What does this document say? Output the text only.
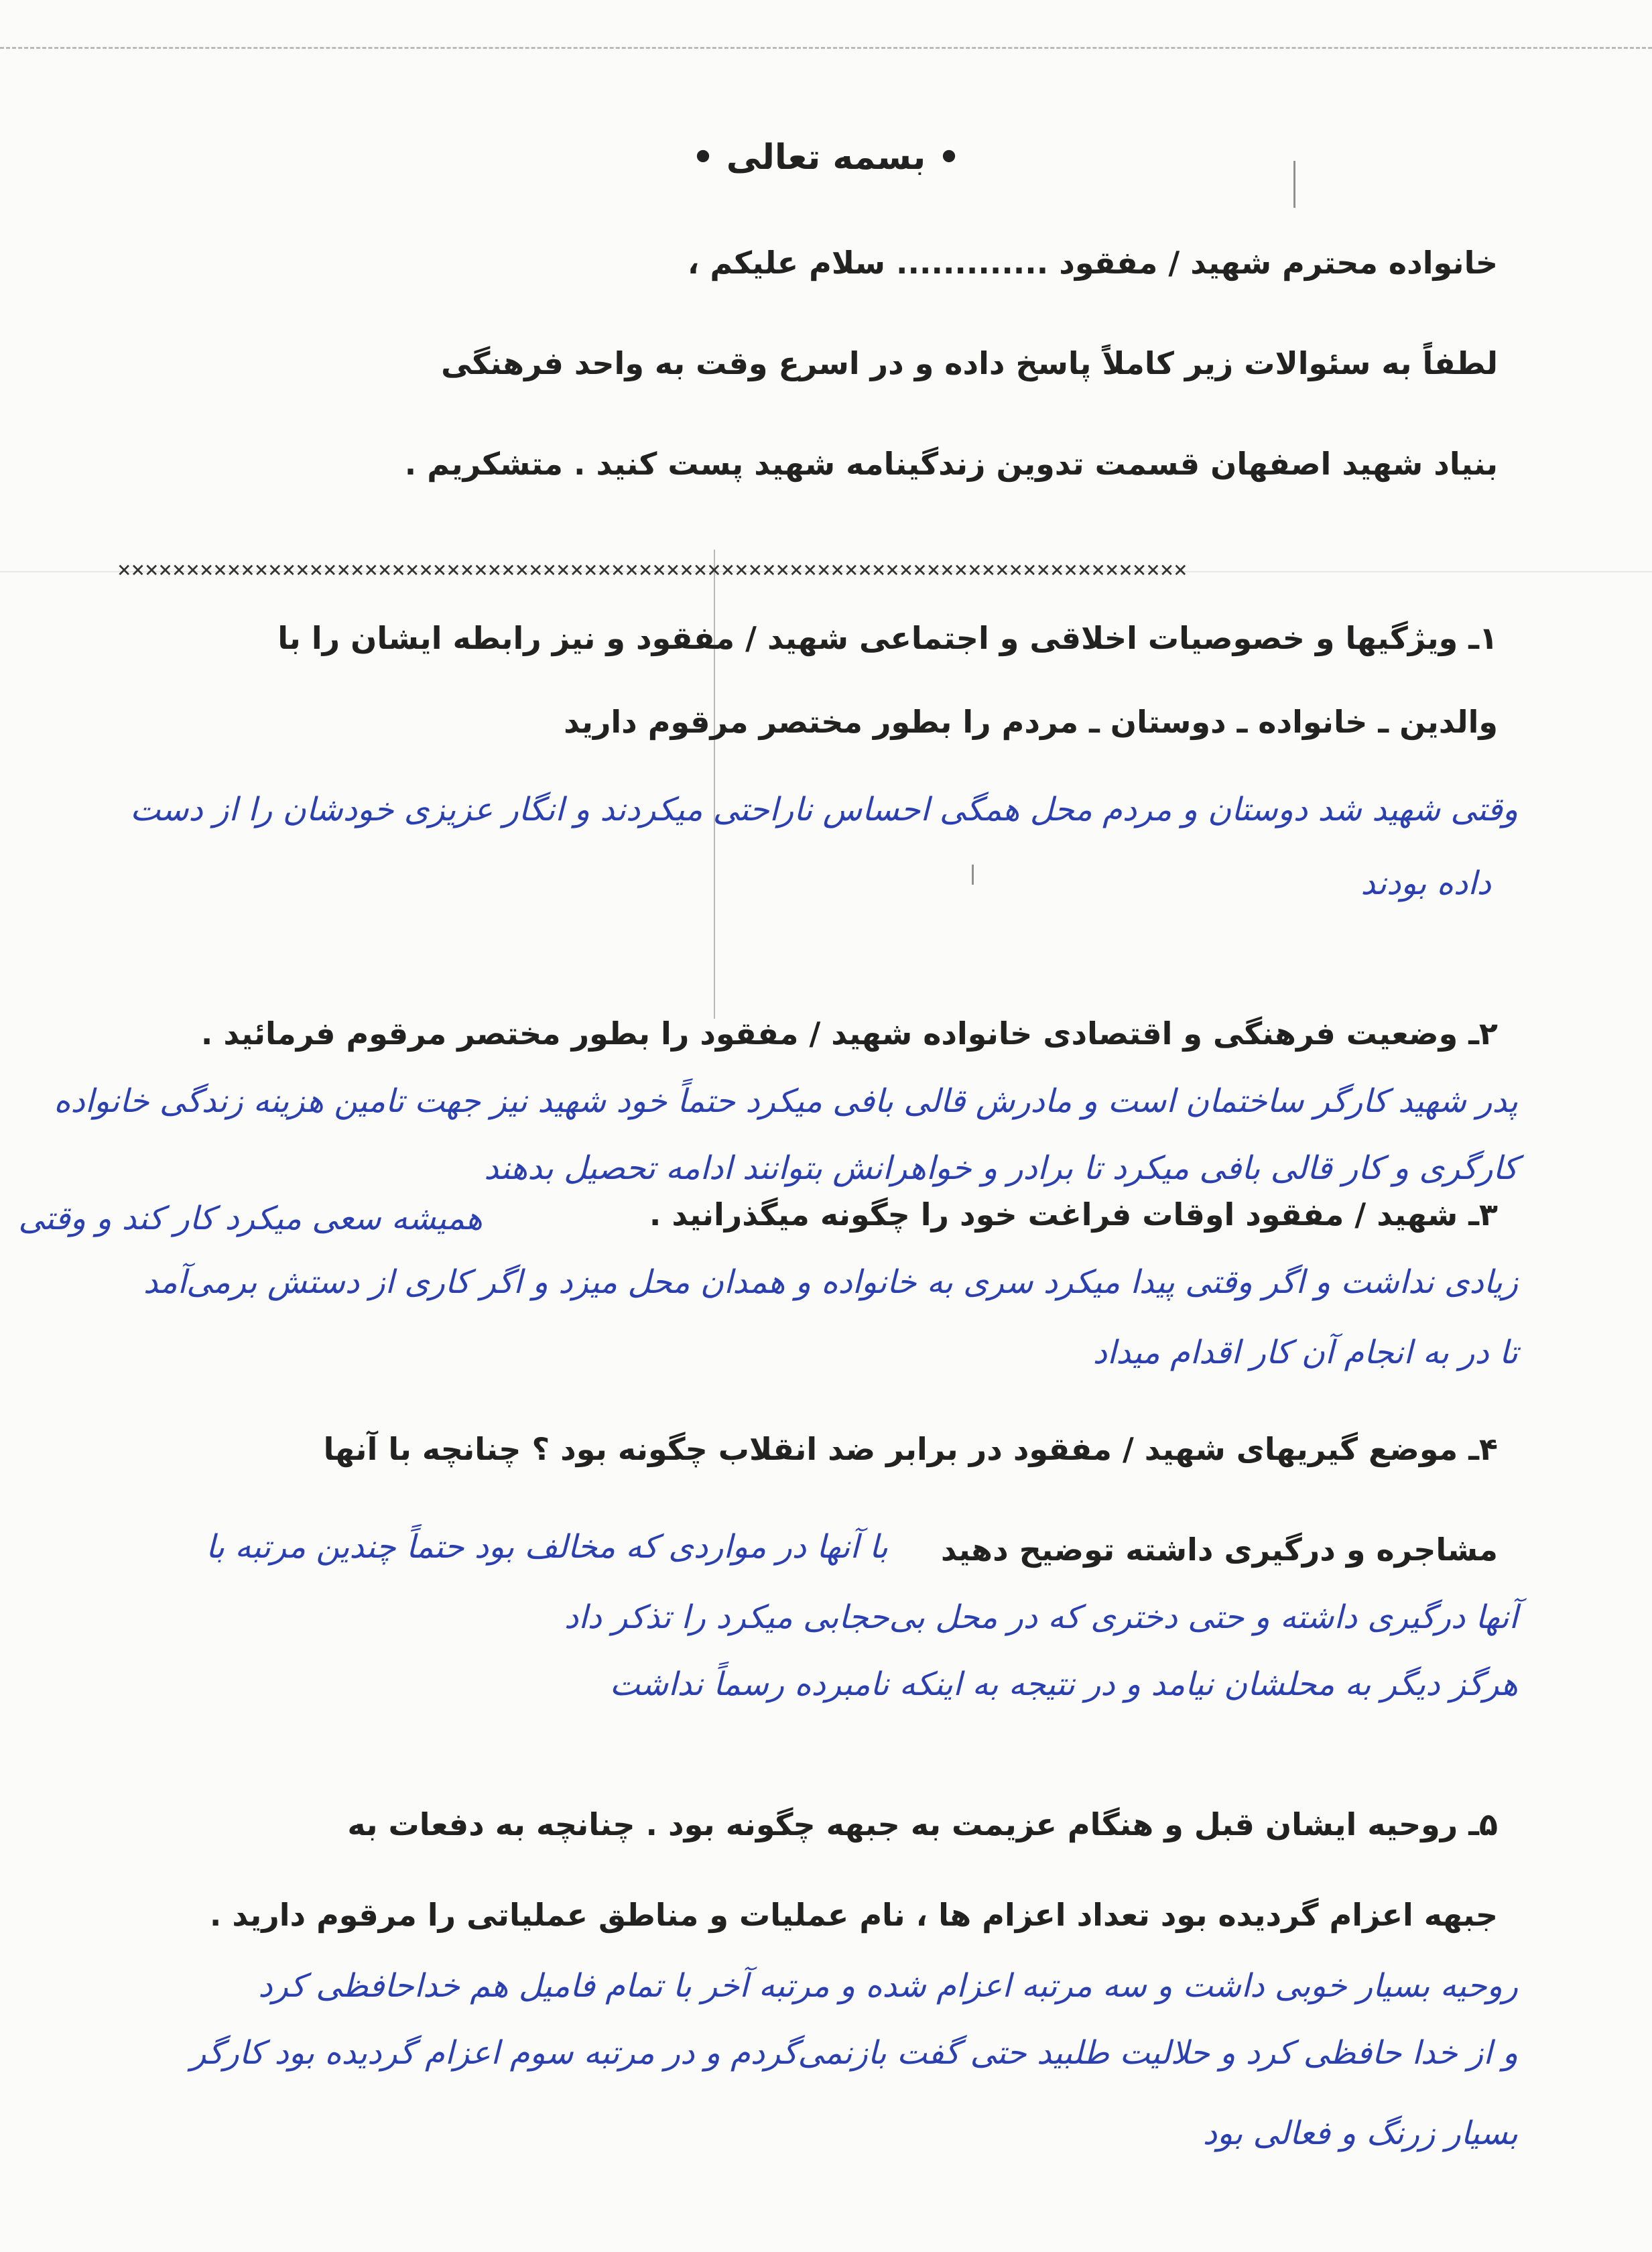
• بسمه تعالی •
خانواده محترم شهید / مفقود ............. سلام علیکم ،
لطفاً به سئوالات زیر کاملاً پاسخ داده و در اسرع وقت به واحد فرهنگی
بنیاد شهید اصفهان قسمت تدوین زندگینامه شهید پست کنید . متشکریم .
××××××××××××××××××××××××××××××××××××××××××××××××××××××××××××××××××××××××××××××
۱ـ ویژگیها و خصوصیات اخلاقی و اجتماعی شهید / مفقود و نیز رابطه ایشان را با
والدین ـ خانواده ـ دوستان ـ مردم را بطور مختصر مرقوم دارید
وقتی شهید شد دوستان و مردم محل همگی احساس ناراحتی میکردند و انگار عزیزی خودشان را از دست
داده بودند
۲ـ وضعیت فرهنگی و اقتصادی خانواده شهید / مفقود را بطور مختصر مرقوم فرمائید .
پدر شهید کارگر ساختمان است و مادرش قالی بافی میکرد حتماً خود شهید نیز جهت تامین هزینه زندگی خانواده
کارگری و کار قالی بافی میکرد تا برادر و خواهرانش بتوانند ادامه تحصیل بدهند
۳ـ شهید / مفقود اوقات فراغت خود را چگونه میگذرانید .
همیشه سعی میکرد کار کند و وقتی
زیادی نداشت و اگر وقتی پیدا میکرد سری به خانواده و همدان محل میزد و اگر کاری از دستش برمی‌آمد
تا در به انجام آن کار اقدام میداد
۴ـ موضع گیریهای شهید / مفقود در برابر ضد انقلاب چگونه بود ؟ چنانچه با آنها
مشاجره و درگیری داشته توضیح دهید
با آنها در مواردی که مخالف بود حتماً چندین مرتبه با
آنها درگیری داشته و حتی دختری که در محل بی‌حجابی میکرد را تذکر داد
هرگز دیگر به محلشان نیامد و در نتیجه به اینکه نامبرده رسماً نداشت
۵ـ روحیه ایشان قبل و هنگام عزیمت به جبهه چگونه بود . چنانچه به دفعات به
جبهه اعزام گردیده بود تعداد اعزام ها ، نام عملیات و مناطق عملیاتی را مرقوم دارید .
روحیه بسیار خوبی داشت و سه مرتبه اعزام شده و مرتبه آخر با تمام فامیل هم خداحافظی کرد
و از خدا حافظی کرد و حلالیت طلبید حتی گفت بازنمی‌گردم و در مرتبه سوم اعزام گردیده بود کارگر
بسیار زرنگ و فعالی بود
